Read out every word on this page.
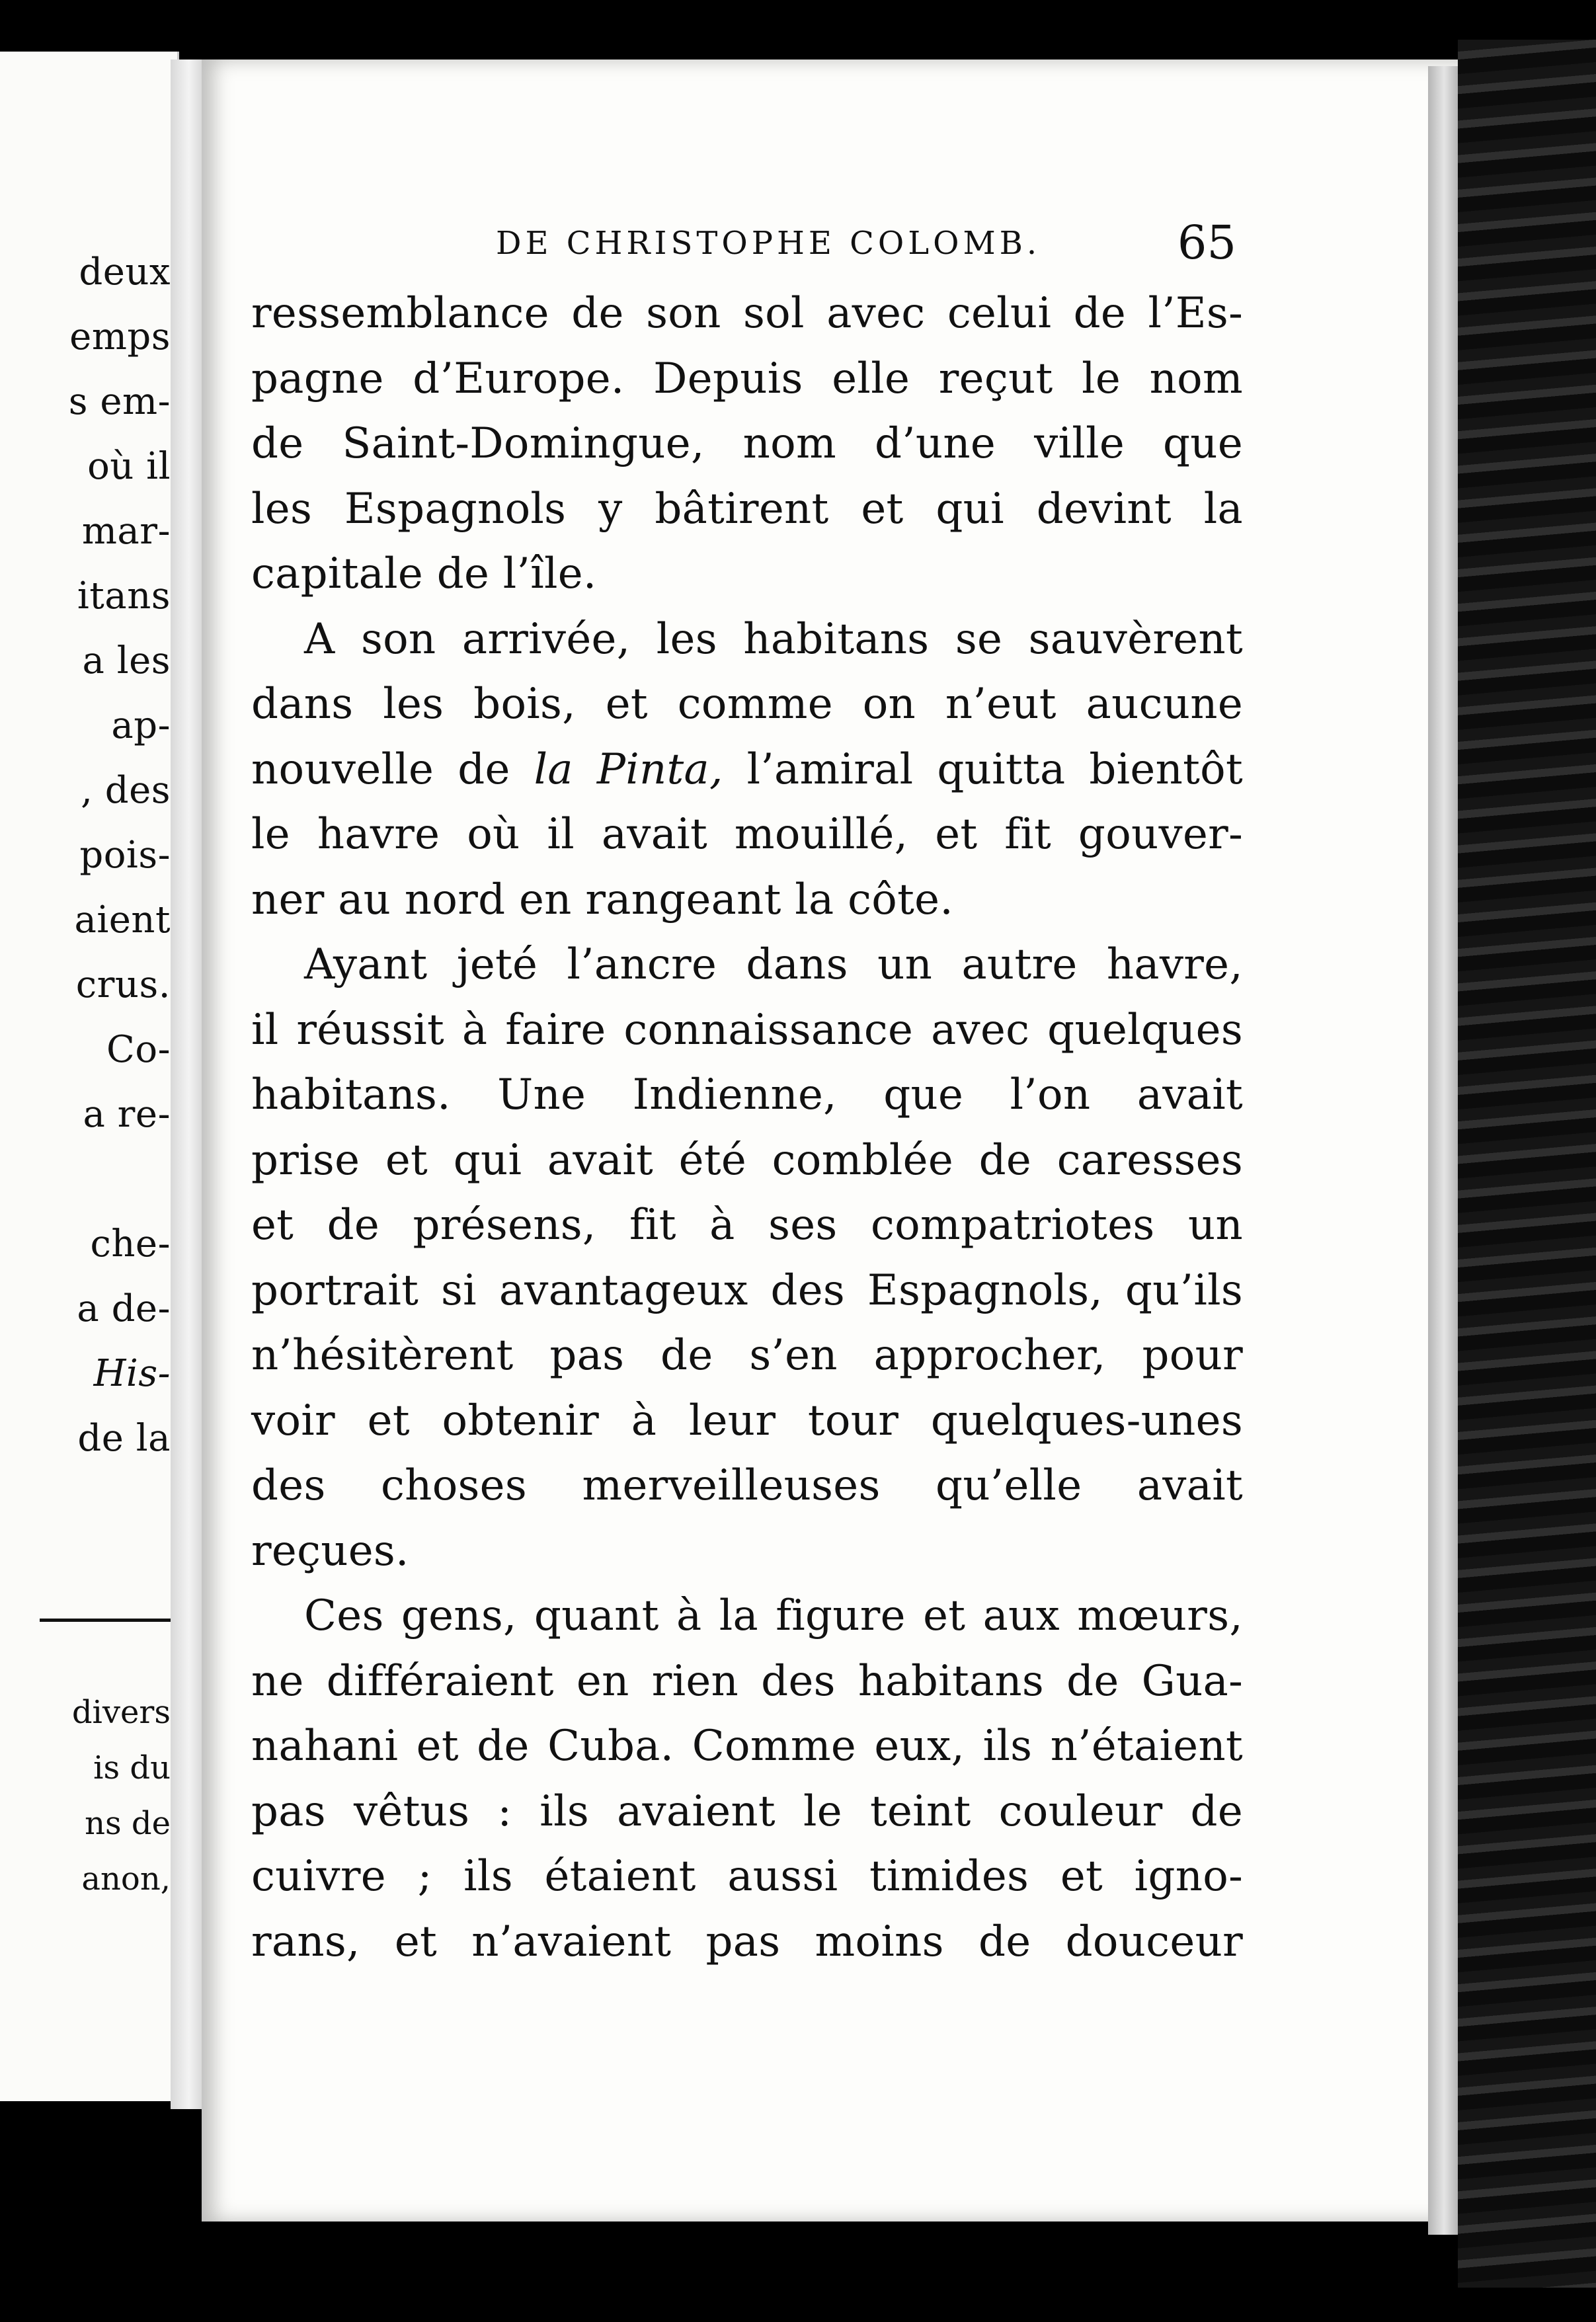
deux
emps
s em-
où il
mar-
itans
a les
ap-
, des
pois-
aient
crus.
Co-
a re-

che-
a de-
His-
de la
divers
is du
ns de
anon,
DE CHRISTOPHE COLOMB.	65
ressemblance de son sol avec celui de l’Es-
pagne d’Europe. Depuis elle reçut le nom
de Saint-Domingue, nom d’une ville que
les Espagnols y bâtirent et qui devint la
capitale de l’île.
A son arrivée, les habitans se sauvèrent
dans les bois, et comme on n’eut aucune
nouvelle de la Pinta, l’amiral quitta bientôt
le havre où il avait mouillé, et fit gouver-
ner au nord en rangeant la côte.
Ayant jeté l’ancre dans un autre havre,
il réussit à faire connaissance avec quelques
habitans. Une Indienne, que l’on avait
prise et qui avait été comblée de caresses
et de présens, fit à ses compatriotes un
portrait si avantageux des Espagnols, qu’ils
n’hésitèrent pas de s’en approcher, pour
voir et obtenir à leur tour quelques-unes
des choses merveilleuses qu’elle avait
reçues.
Ces gens, quant à la figure et aux mœurs,
ne différaient en rien des habitans de Gua-
nahani et de Cuba. Comme eux, ils n’étaient
pas vêtus : ils avaient le teint couleur de
cuivre ; ils étaient aussi timides et igno-
rans, et n’avaient pas moins de douceur
